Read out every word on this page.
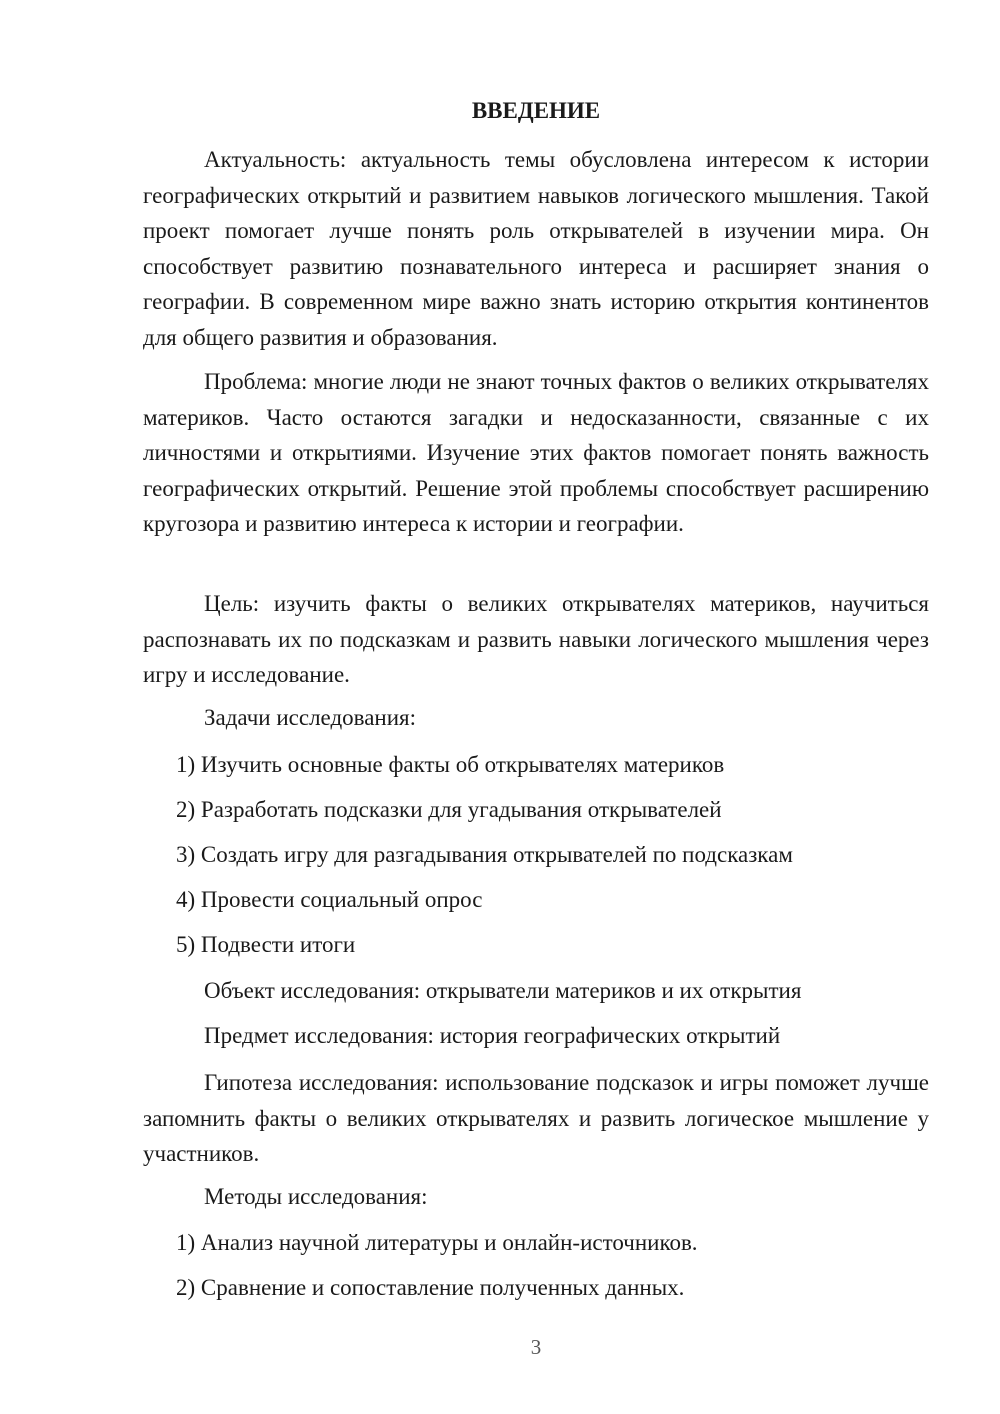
ВВЕДЕНИЕ

Актуальность: актуальность темы обусловлена интересом к истории географических открытий и развитием навыков логического мышления. Такой проект помогает лучше понять роль открывателей в изучении мира. Он способствует развитию познавательного интереса и расширяет знания о географии. В современном мире важно знать историю открытия континентов для общего развития и образования.

Проблема: многие люди не знают точных фактов о великих открывателях материков. Часто остаются загадки и недосказанности, связанные с их личностями и открытиями. Изучение этих фактов помогает понять важность географических открытий. Решение этой проблемы способствует расширению кругозора и развитию интереса к истории и географии.

Цель: изучить факты о великих открывателях материков, научиться распознавать их по подсказкам и развить навыки логического мышления через игру и исследование.

Задачи исследования:

1) Изучить основные факты об открывателях материков

2) Разработать подсказки для угадывания открывателей

3) Создать игру для разгадывания открывателей по подсказкам

4) Провести социальный опрос

5) Подвести итоги

Объект исследования: открыватели материков и их открытия

Предмет исследования: история географических открытий

Гипотеза исследования: использование подсказок и игры поможет лучше запомнить факты о великих открывателях и развить логическое мышление у участников.

Методы исследования:

1) Анализ научной литературы и онлайн-источников.

2) Сравнение и сопоставление полученных данных.

3
